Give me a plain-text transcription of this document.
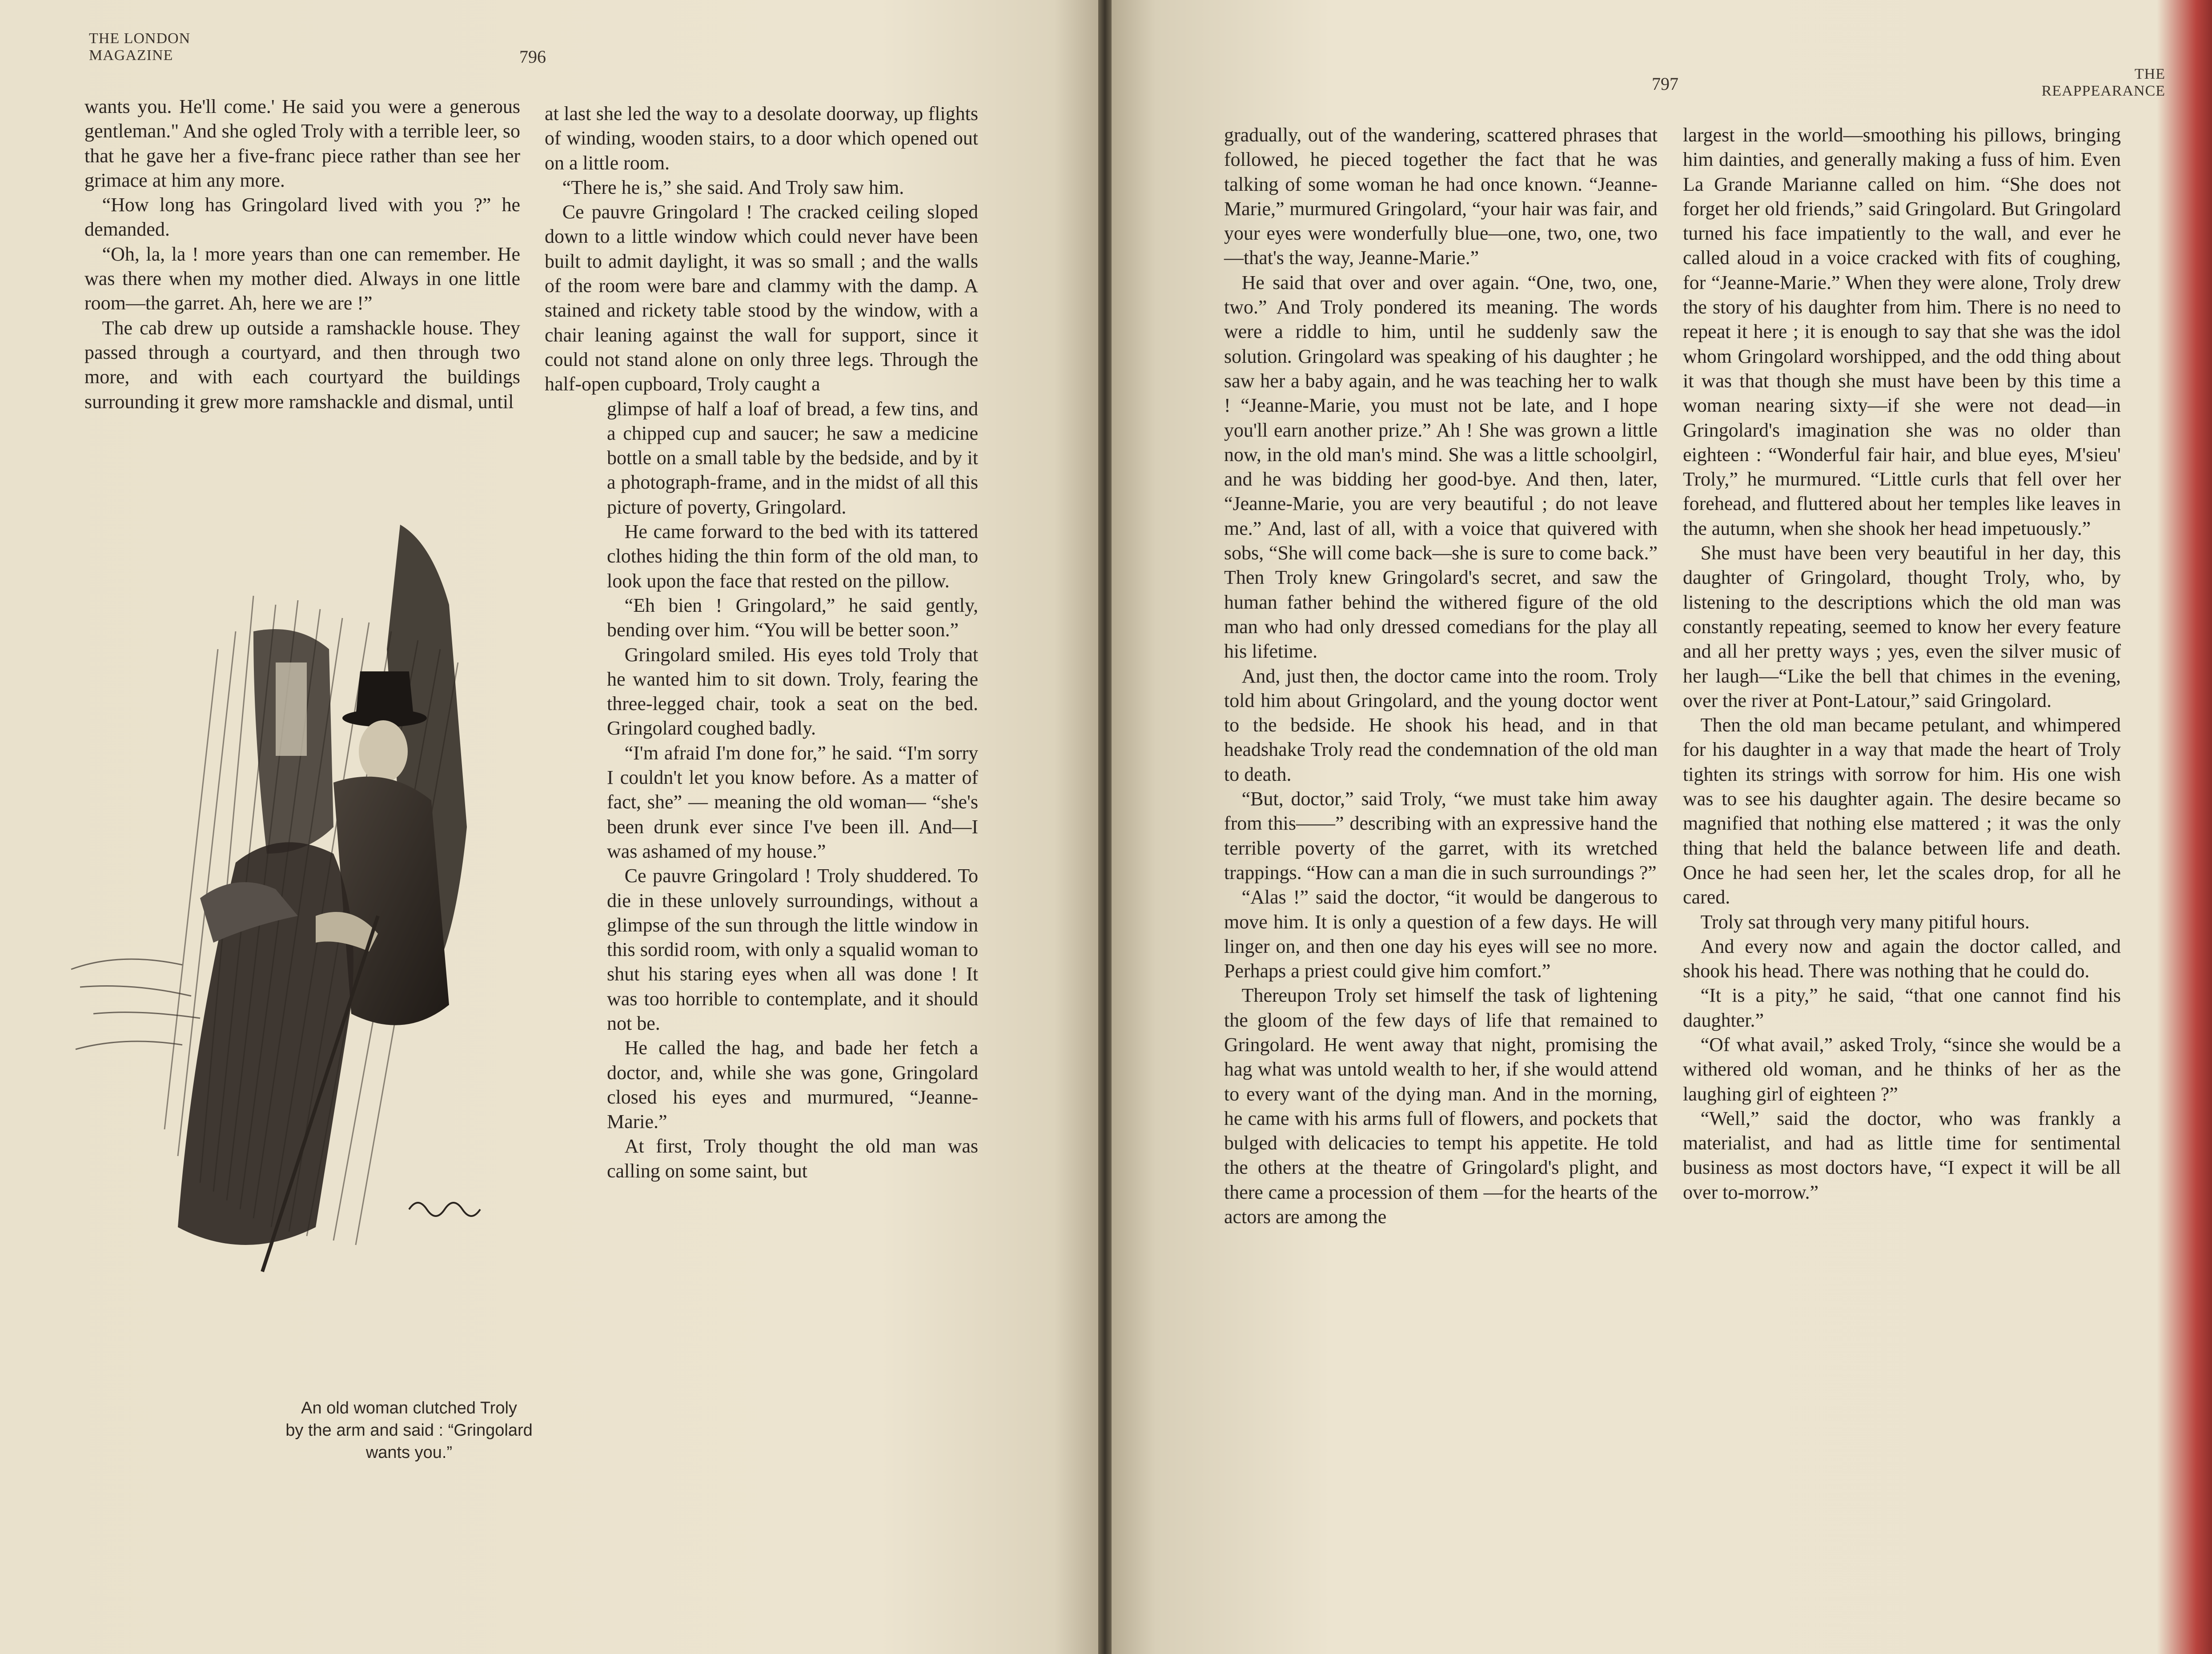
THE LONDON
MAGAZINE	796

wants you. He'll come.' He said you were a generous gentleman." And she ogled Troly with a terrible leer, so that he gave her a five-franc piece rather than see her grimace at him any more.

“How long has Gringolard lived with you ?” he demanded.

“Oh, la, la ! more years than one can remember. He was there when my mother died. Always in one little room—the garret. Ah, here we are !”

The cab drew up outside a ramshackle house. They passed through a courtyard, and then through two more, and with each courtyard the buildings surrounding it grew more ramshackle and dismal, until

at last she led the way to a desolate doorway, up flights of winding, wooden stairs, to a door which opened out on a little room.

“There he is,” she said. And Troly saw him.

Ce pauvre Gringolard ! The cracked ceiling sloped down to a little window which could never have been built to admit daylight, it was so small ; and the walls of the room were bare and clammy with the damp. A stained and rickety table stood by the window, with a chair leaning against the wall for support, since it could not stand alone on only three legs. Through the half-open cupboard, Troly caught a

glimpse of half a loaf of bread, a few tins, and a chipped cup and saucer; he saw a medicine bottle on a small table by the bedside, and by it a photograph-frame, and in the midst of all this picture of poverty, Gringolard.

He came forward to the bed with its tattered clothes hiding the thin form of the old man, to look upon the face that rested on the pillow.

“Eh bien ! Gringolard,” he said gently, bending over him. “You will be better soon.”

Gringolard smiled. His eyes told Troly that he wanted him to sit down. Troly, fearing the three-legged chair, took a seat on the bed. Gringolard coughed badly.

“I'm afraid I'm done for,” he said. “I'm sorry I couldn't let you know before. As a matter of fact, she” — meaning the old woman— “she's been drunk ever since I've been ill. And—I was ashamed of my house.”

Ce pauvre Gringolard ! Troly shuddered. To die in these unlovely surroundings, without a glimpse of the sun through the little window in this sordid room, with only a squalid woman to shut his staring eyes when all was done ! It was too horrible to contemplate, and it should not be.

He called the hag, and bade her fetch a doctor, and, while she was gone, Gringolard closed his eyes and murmured, “Jeanne-Marie.”

At first, Troly thought the old man was calling on some saint, but

An old woman clutched Troly
by the arm and said : “Gringolard
wants you.”
797	THE
REAPPEARANCE

gradually, out of the wandering, scattered phrases that followed, he pieced together the fact that he was talking of some woman he had once known. “Jeanne-Marie,” murmured Gringolard, “your hair was fair, and your eyes were wonderfully blue—one, two, one, two—that's the way, Jeanne-Marie.”

He said that over and over again. “One, two, one, two.” And Troly pondered its meaning. The words were a riddle to him, until he suddenly saw the solution. Gringolard was speaking of his daughter ; he saw her a baby again, and he was teaching her to walk ! “Jeanne-Marie, you must not be late, and I hope you'll earn another prize.” Ah ! She was grown a little now, in the old man's mind. She was a little schoolgirl, and he was bidding her good-bye. And then, later, “Jeanne-Marie, you are very beautiful ; do not leave me.” And, last of all, with a voice that quivered with sobs, “She will come back—she is sure to come back.” Then Troly knew Gringolard's secret, and saw the human father behind the withered figure of the old man who had only dressed comedians for the play all his lifetime.

And, just then, the doctor came into the room. Troly told him about Gringolard, and the young doctor went to the bedside. He shook his head, and in that headshake Troly read the condemnation of the old man to death.

“But, doctor,” said Troly, “we must take him away from this——” describing with an expressive hand the terrible poverty of the garret, with its wretched trappings. “How can a man die in such surroundings ?”

“Alas !” said the doctor, “it would be dangerous to move him. It is only a question of a few days. He will linger on, and then one day his eyes will see no more. Perhaps a priest could give him comfort.”

Thereupon Troly set himself the task of lightening the gloom of the few days of life that remained to Gringolard. He went away that night, promising the hag what was untold wealth to her, if she would attend to every want of the dying man. And in the morning, he came with his arms full of flowers, and pockets that bulged with delicacies to tempt his appetite. He told the others at the theatre of Gringolard's plight, and there came a procession of them —for the hearts of the actors are among the

largest in the world—smoothing his pillows, bringing him dainties, and generally making a fuss of him. Even La Grande Marianne called on him. “She does not forget her old friends,” said Gringolard. But Gringolard turned his face impatiently to the wall, and ever he called aloud in a voice cracked with fits of coughing, for “Jeanne-Marie.” When they were alone, Troly drew the story of his daughter from him. There is no need to repeat it here ; it is enough to say that she was the idol whom Gringolard worshipped, and the odd thing about it was that though she must have been by this time a woman nearing sixty—if she were not dead—in Gringolard's imagination she was no older than eighteen : “Wonderful fair hair, and blue eyes, M'sieu' Troly,” he murmured. “Little curls that fell over her forehead, and fluttered about her temples like leaves in the autumn, when she shook her head impetuously.”

She must have been very beautiful in her day, this daughter of Gringolard, thought Troly, who, by listening to the descriptions which the old man was constantly repeating, seemed to know her every feature and all her pretty ways ; yes, even the silver music of her laugh—“Like the bell that chimes in the evening, over the river at Pont-Latour,” said Gringolard.

Then the old man became petulant, and whimpered for his daughter in a way that made the heart of Troly tighten its strings with sorrow for him. His one wish was to see his daughter again. The desire became so magnified that nothing else mattered ; it was the only thing that held the balance between life and death. Once he had seen her, let the scales drop, for all he cared.

Troly sat through very many pitiful hours.

And every now and again the doctor called, and shook his head. There was nothing that he could do.

“It is a pity,” he said, “that one cannot find his daughter.”

“Of what avail,” asked Troly, “since she would be a withered old woman, and he thinks of her as the laughing girl of eighteen ?”

“Well,” said the doctor, who was frankly a materialist, and had as little time for sentimental business as most doctors have, “I expect it will be all over to-morrow.”
